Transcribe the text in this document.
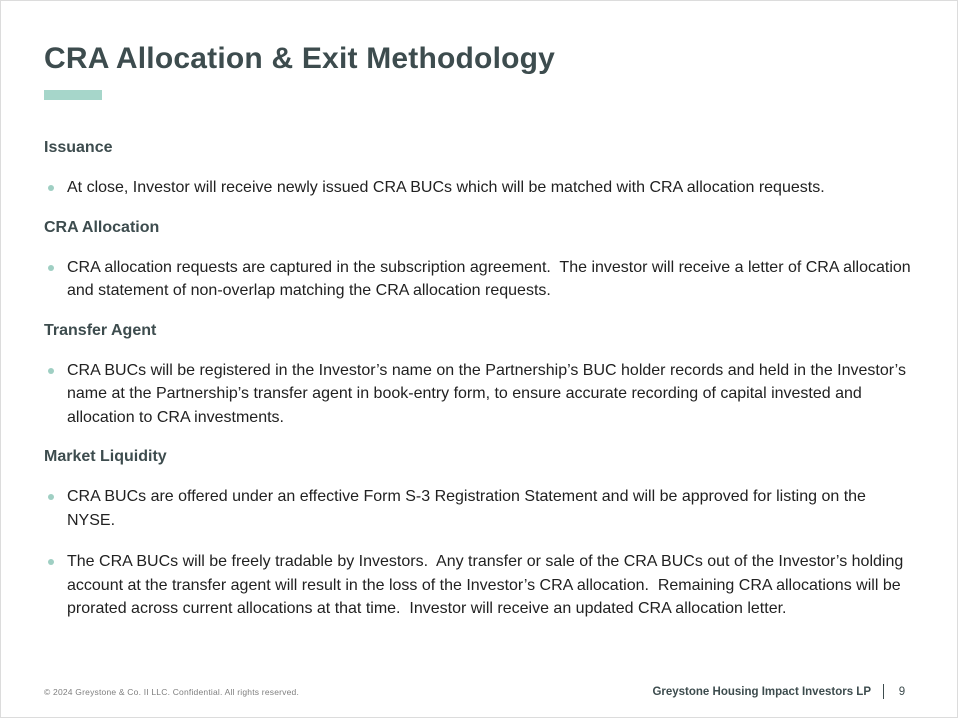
CRA Allocation & Exit Methodology
Issuance

At close, Investor will receive newly issued CRA BUCs which will be matched with CRA allocation requests.

CRA Allocation

CRA allocation requests are captured in the subscription agreement.  The investor will receive a letter of CRA allocation and statement of non-overlap matching the CRA allocation requests.

Transfer Agent

CRA BUCs will be registered in the Investor’s name on the Partnership’s BUC holder records and held in the Investor’s name at the Partnership’s transfer agent in book-entry form, to ensure accurate recording of capital invested and allocation to CRA investments.

Market Liquidity

CRA BUCs are offered under an effective Form S-3 Registration Statement and will be approved for listing on the NYSE.

The CRA BUCs will be freely tradable by Investors.  Any transfer or sale of the CRA BUCs out of the Investor’s holding account at the transfer agent will result in the loss of the Investor’s CRA allocation.  Remaining CRA allocations will be prorated across current allocations at that time.  Investor will receive an updated CRA allocation letter.

© 2024 Greystone & Co. II LLC. Confidential. All rights reserved.	Greystone Housing Impact Investors LP	9
